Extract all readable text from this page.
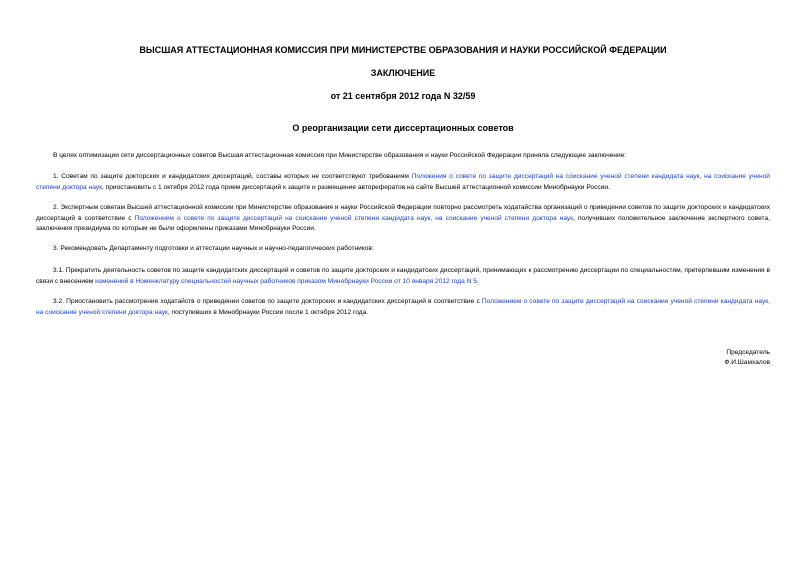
ВЫСШАЯ АТТЕСТАЦИОННАЯ КОМИССИЯ ПРИ МИНИСТЕРСТВЕ ОБРАЗОВАНИЯ И НАУКИ РОССИЙСКОЙ ФЕДЕРАЦИИ
ЗАКЛЮЧЕНИЕ
от 21 сентября 2012 года N 32/59
О реорганизации сети диссертационных советов
В целях оптимизации сети диссертационных советов Высшая аттестационная комиссия при Министерстве образования и науки Российской Федерации приняла следующее заключение:
1. Советам по защите докторских и кандидатских диссертаций, составы которых не соответствуют требованиям Положения о совете по защите диссертаций на соискание ученой степени кандидата наук, на соискание ученой степени доктора наук, приостановить с 1 октября 2012 года прием диссертаций к защите и размещение авторефератов на сайте Высшей аттестационной комиссии Минобрнауки России.
2. Экспертным советам Высшей аттестационной комиссии при Министерстве образования и науки Российской Федерации повторно рассмотреть ходатайства организаций о приведении советов по защите докторских и кандидатских диссертаций в соответствие с Положением о совете по защите диссертаций на соискание ученой степени кандидата наук, на соискание ученой степени доктора наук, получивших положительное заключение экспертного совета, заключения президиума по которым не были оформлены приказами Минобрнауки России.
3. Рекомендовать Департаменту подготовки и аттестации научных и научно-педагогических работников:
3.1. Прекратить деятельность советов по защите кандидатских диссертаций и советов по защите докторских и кандидатских диссертаций, принимающих к рассмотрению диссертации по специальностям, претерпевшим изменения в связи с внесением изменений в Номенклатуру специальностей научных работников приказом Минобрнауки России от 10 января 2012 года N 5.
3.2. Приостановить рассмотрение ходатайств о приведении советов по защите докторских и кандидатских диссертаций в соответствие с Положением о совете по защите диссертаций на соискание ученой степени кандидата наук, на соискание ученой степени доктора наук, поступивших в Минобрнауки России после 1 октября 2012 года.
Председатель
Ф.И.Шамхалов
